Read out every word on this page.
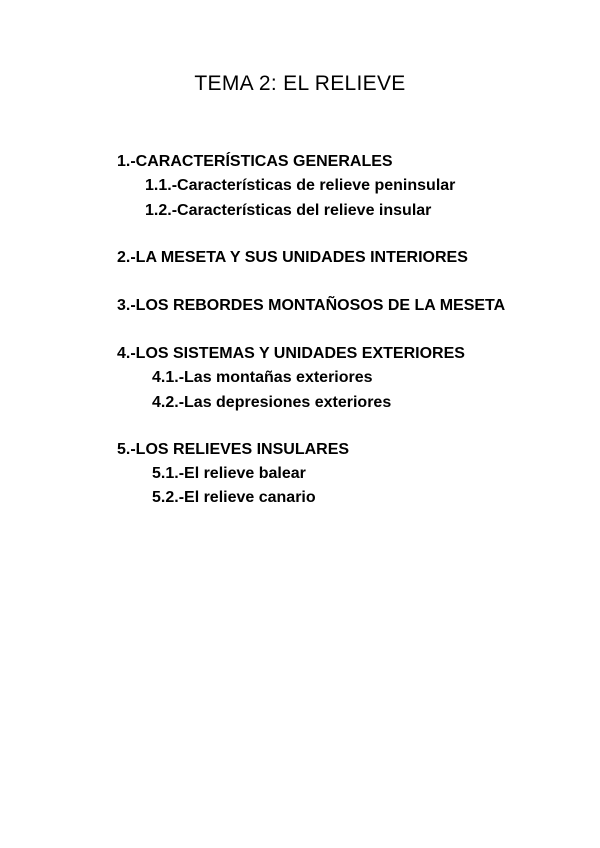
TEMA 2: EL RELIEVE
1.-CARACTERÍSTICAS GENERALES
1.1.-Características de relieve peninsular
1.2.-Características del relieve insular
2.-LA MESETA Y SUS UNIDADES INTERIORES
3.-LOS REBORDES MONTAÑOSOS DE LA MESETA
4.-LOS SISTEMAS Y UNIDADES EXTERIORES
4.1.-Las montañas exteriores
4.2.-Las depresiones exteriores
5.-LOS RELIEVES INSULARES
5.1.-El relieve balear
5.2.-El relieve canario
